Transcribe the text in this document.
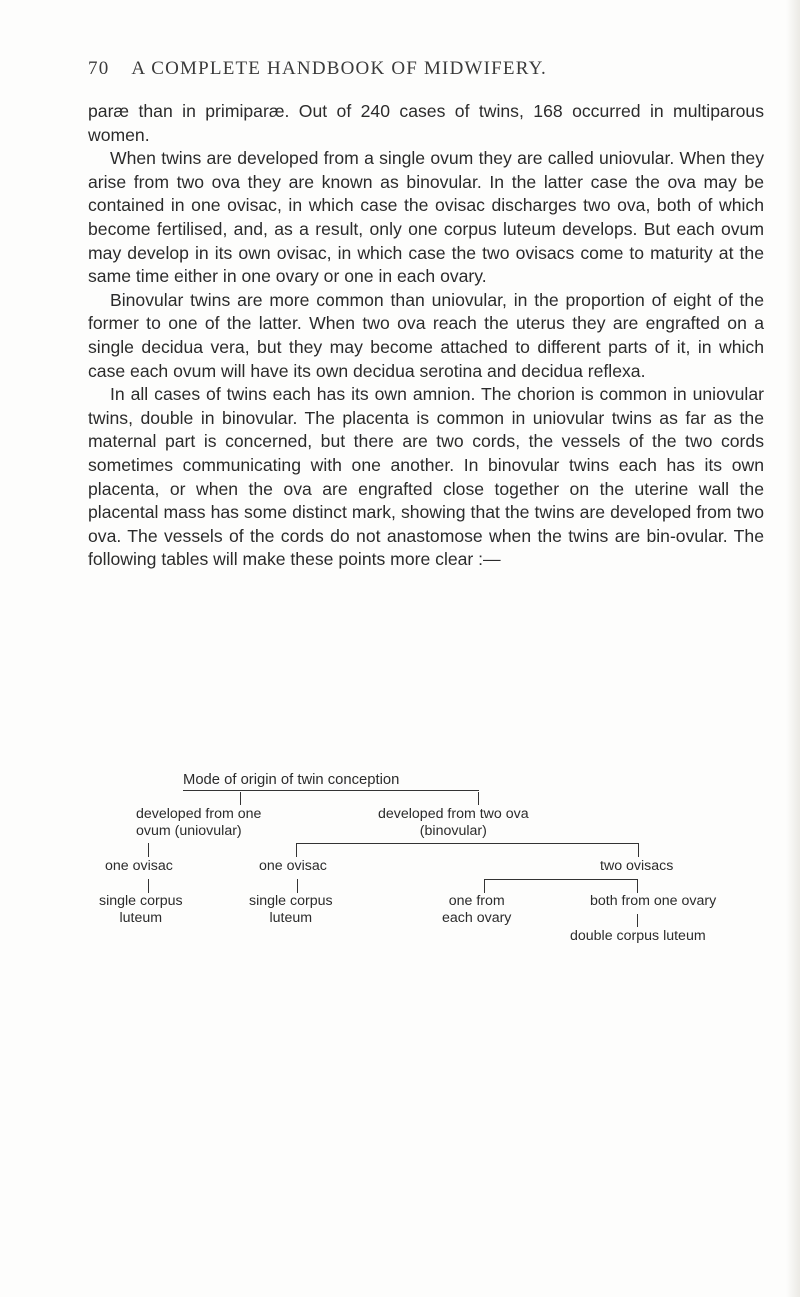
70 A COMPLETE HANDBOOK OF MIDWIFERY.

paræ than in primiparæ. Out of 240 cases of twins, 168 occurred in multiparous women.

When twins are developed from a single ovum they are called uniovular. When they arise from two ova they are known as binovular. In the latter case the ova may be contained in one ovisac, in which case the ovisac discharges two ova, both of which become fertilised, and, as a result, only one corpus luteum develops. But each ovum may develop in its own ovisac, in which case the two ovisacs come to maturity at the same time either in one ovary or one in each ovary.

Binovular twins are more common than uniovular, in the proportion of eight of the former to one of the latter. When two ova reach the uterus they are engrafted on a single decidua vera, but they may become attached to different parts of it, in which case each ovum will have its own decidua serotina and decidua reflexa.

In all cases of twins each has its own amnion. The chorion is common in uniovular twins, double in binovular. The placenta is common in uniovular twins as far as the maternal part is concerned, but there are two cords, the vessels of the two cords sometimes communicating with one another. In binovular twins each has its own placenta, or when the ova are engrafted close together on the uterine wall the placental mass has some distinct mark, showing that the twins are developed from two ova. The vessels of the cords do not anastomose when the twins are bin-ovular. The following tables will make these points more clear :—

Mode of origin of twin conception
developed from one
ovum (uniovular)
developed from two ova
(binovular)
one ovisac	one ovisac	two ovisacs
single corpus
luteum
single corpus
luteum
one from
each ovary
both from one ovary
double corpus luteum
